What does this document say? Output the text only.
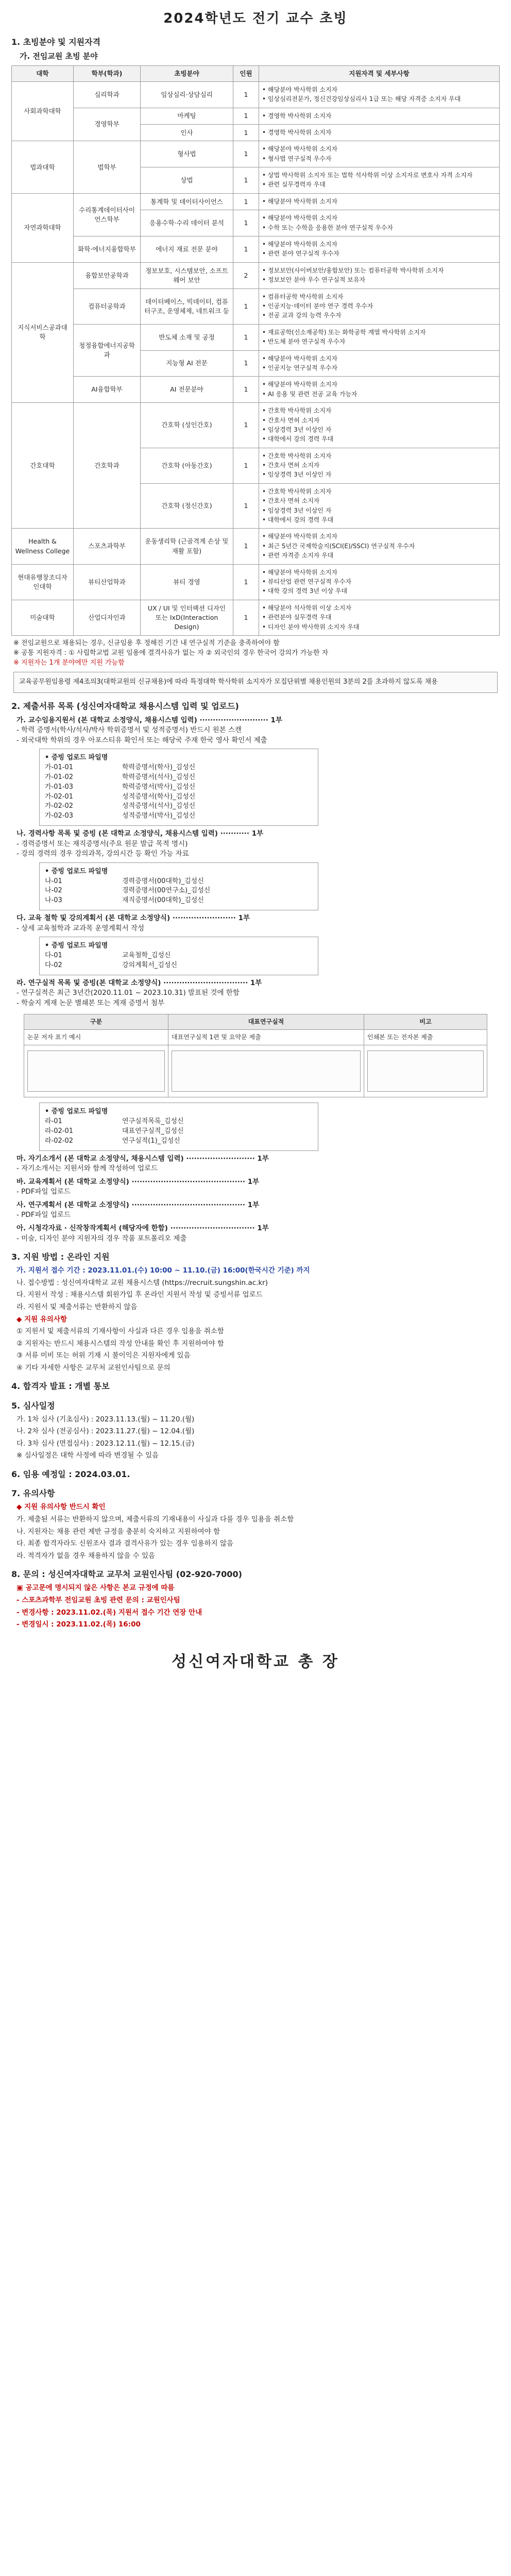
2024학년도 전기 교수 초빙
1. 초빙분야 및 지원자격
가. 전임교원 초빙 분야
대학	학부(학과)	초빙분야	인원	지원자격 및 세부사항
사회과학대학	심리학과	임상심리·상담심리	1	• 해당분야 박사학위 소지자
• 임상심리전문가, 정신건강임상심리사 1급 또는 해당 자격증 소지자 우대

	경영학부	마케팅	1	• 경영학 박사학위 소지자

		인사	1	• 경영학 박사학위 소지자

법과대학	법학부	형사법	1	• 해당분야 박사학위 소지자
• 형사법 연구실적 우수자

		상법	1	• 상법 박사학위 소지자 또는 법학 석사학위 이상 소지자로 변호사 자격 소지자
• 관련 실무경력자 우대

자연과학대학	수리통계데이터사이언스학부	통계학 및 데이터사이언스	1	• 해당분야 박사학위 소지자

		응용수학·수리 데이터 분석	1	• 해당분야 박사학위 소지자
• 수학 또는 수학을 응용한 분야 연구실적 우수자

	화학·에너지융합학부	에너지 재료 전문 분야	1	• 해당분야 박사학위 소지자
• 관련 분야 연구실적 우수자

지식서비스공과대학	융합보안공학과	정보보호, 시스템보안, 소프트웨어 보안	2	• 정보보안(사이버보안/융합보안) 또는 컴퓨터공학 박사학위 소지자
• 정보보안 분야 우수 연구실적 보유자

	컴퓨터공학과	데이터베이스, 빅데이터, 컴퓨터구조, 운영체제, 네트워크 등	1	• 컴퓨터공학 박사학위 소지자
• 인공지능·데이터 분야 연구 경력 우수자
• 전공 교과 강의 능력 우수자

	청정융합에너지공학과	반도체 소재 및 공정	1	• 재료공학(신소재공학) 또는 화학공학 계열 박사학위 소지자
• 반도체 분야 연구실적 우수자

		지능형 AI 전문	1	• 해당분야 박사학위 소지자
• 인공지능 연구실적 우수자

	AI융합학부	AI 전문분야	1	• 해당분야 박사학위 소지자
• AI 응용 및 관련 전공 교육 가능자

간호대학	간호학과	간호학 (성인간호)	1	• 간호학 박사학위 소지자
• 간호사 면허 소지자
• 임상경력 3년 이상인 자
• 대학에서 강의 경력 우대

		간호학 (아동간호)	1	• 간호학 박사학위 소지자
• 간호사 면허 소지자
• 임상경력 3년 이상인 자

		간호학 (정신간호)	1	• 간호학 박사학위 소지자
• 간호사 면허 소지자
• 임상경력 3년 이상인 자
• 대학에서 강의 경력 우대

Health & Wellness College	스포츠과학부	운동생리학 (근골격계 손상 및 재활 포함)	1	• 해당분야 박사학위 소지자
• 최근 5년간 국제학술지(SCI(E)/SSCI) 연구실적 우수자
• 관련 자격증 소지자 우대

현대유행창조디자인대학	뷰티산업학과	뷰티 경영	1	• 해당분야 박사학위 소지자
• 뷰티산업 관련 연구실적 우수자
• 대학 강의 경력 3년 이상 우대

미술대학	산업디자인과	UX / UI 및 인터랙션 디자인 또는 IxD(Interaction Design)	1	• 해당분야 석사학위 이상 소지자
• 관련분야 실무경력 우대
• 디자인 분야 박사학위 소지자 우대
※ 전임교원으로 채용되는 경우, 신규임용 후 정해진 기간 내 연구실적 기준을 충족하여야 함
※ 공통 지원자격 : ① 사립학교법 교원 임용에 결격사유가 없는 자 ② 외국인의 경우 한국어 강의가 가능한 자
※ 지원자는 1개 분야에만 지원 가능함
교육공무원임용령 제4조의3(대학교원의 신규채용)에 따라 특정대학 학사학위 소지자가 모집단위별 채용인원의 3분의 2를 초과하지 않도록 채용
2. 제출서류 목록 (성신여자대학교 채용시스템 입력 및 업로드)
가. 교수임용지원서 (본 대학교 소정양식, 채용시스템 입력) ·························· 1부
- 학력 증명서(학사/석사/박사 학위증명서 및 성적증명서) 반드시 원본 스캔
- 외국대학 학위의 경우 아포스티유 확인서 또는 해당국 주재 한국 영사 확인서 제출
• 증빙 업로드 파일명
가-01-01	학력증명서(학사)_김성신
가-01-02	학력증명서(석사)_김성신
가-01-03	학력증명서(박사)_김성신
가-02-01	성적증명서(학사)_김성신
가-02-02	성적증명서(석사)_김성신
가-02-03	성적증명서(박사)_김성신
나. 경력사항 목록 및 증빙 (본 대학교 소정양식, 채용시스템 입력) ··········· 1부
- 경력증명서 또는 재직증명서(주요 원문 발급 목적 명시)
- 강의 경력의 경우 강의과목, 강의시간 등 확인 가능 자료
• 증빙 업로드 파일명
나-01	경력증명서(00대학)_김성신
나-02	경력증명서(00연구소)_김성신
나-03	재직증명서(00대학)_김성신
다. 교육 철학 및 강의계획서 (본 대학교 소정양식) ························ 1부
- 상세 교육철학과 교과목 운영계획서 작성
• 증빙 업로드 파일명
다-01	교육철학_김성신
다-02	강의계획서_김성신
라. 연구실적 목록 및 증빙(본 대학교 소정양식) ································ 1부
- 연구실적은 최근 3년간(2020.11.01 ~ 2023.10.31) 발표된 것에 한함
- 학술지 게재 논문 별쇄본 또는 게재 증명서 첨부
구분	대표연구실적	비고
논문 저자 표기 예시	대표연구실적 1편 및 요약문 제출	인쇄본 또는 전자본 제출

• 증빙 업로드 파일명
라-01	연구실적목록_김성신
라-02-01	대표연구실적_김성신
라-02-02	연구실적(1)_김성신
마. 자기소개서 (본 대학교 소정양식, 채용시스템 입력) ·························· 1부
- 자기소개서는 지원서와 함께 작성하여 업로드
바. 교육계획서 (본 대학교 소정양식) ··········································· 1부
- PDF파일 업로드
사. 연구계획서 (본 대학교 소정양식) ··········································· 1부
- PDF파일 업로드
아. 시청각자료 · 신작창작계획서 (해당자에 한함) ································ 1부
- 미술, 디자인 분야 지원자의 경우 작품 포트폴리오 제출
3. 지원 방법 : 온라인 지원

가. 지원서 접수 기간 : 2023.11.01.(수) 10:00 ~ 11.10.(금) 16:00(한국시간 기준) 까지

나. 접수방법 : 성신여자대학교 교원 채용시스템 (https://recruit.sungshin.ac.kr)

다. 지원서 작성 : 채용시스템 회원가입 후 온라인 지원서 작성 및 증빙서류 업로드

라. 지원서 및 제출서류는 반환하지 않음

◆ 지원 유의사항

① 지원서 및 제출서류의 기재사항이 사실과 다른 경우 임용을 취소함

② 지원자는 반드시 채용시스템의 작성 안내를 확인 후 지원하여야 함

③ 서류 미비 또는 허위 기재 시 불이익은 지원자에게 있음

④ 기타 자세한 사항은 교무처 교원인사팀으로 문의

4. 합격자 발표 : 개별 통보
5. 심사일정

가. 1차 심사 (기초심사) : 2023.11.13.(월) ~ 11.20.(월)

나. 2차 심사 (전공심사) : 2023.11.27.(월) ~ 12.04.(월)

다. 3차 심사 (면접심사) : 2023.12.11.(월) ~ 12.15.(금)

※ 심사일정은 대학 사정에 따라 변경될 수 있음

6. 임용 예정일 : 2024.03.01.
7. 유의사항

◆ 지원 유의사항 반드시 확인

가. 제출된 서류는 반환하지 않으며, 제출서류의 기재내용이 사실과 다를 경우 임용을 취소함

나. 지원자는 채용 관련 제반 규정을 충분히 숙지하고 지원하여야 함

다. 최종 합격자라도 신원조사 결과 결격사유가 있는 경우 임용하지 않음

라. 적격자가 없을 경우 채용하지 않을 수 있음

8. 문의 : 성신여자대학교 교무처 교원인사팀 (02-920-7000)

▣ 공고문에 명시되지 않은 사항은 본교 규정에 따름

- 스포츠과학부 전임교원 초빙 관련 문의 : 교원인사팀

- 변경사항 : 2023.11.02.(목) 지원서 접수 기간 연장 안내

- 변경일시 : 2023.11.02.(목) 16:00

성신여자대학교 총 장
